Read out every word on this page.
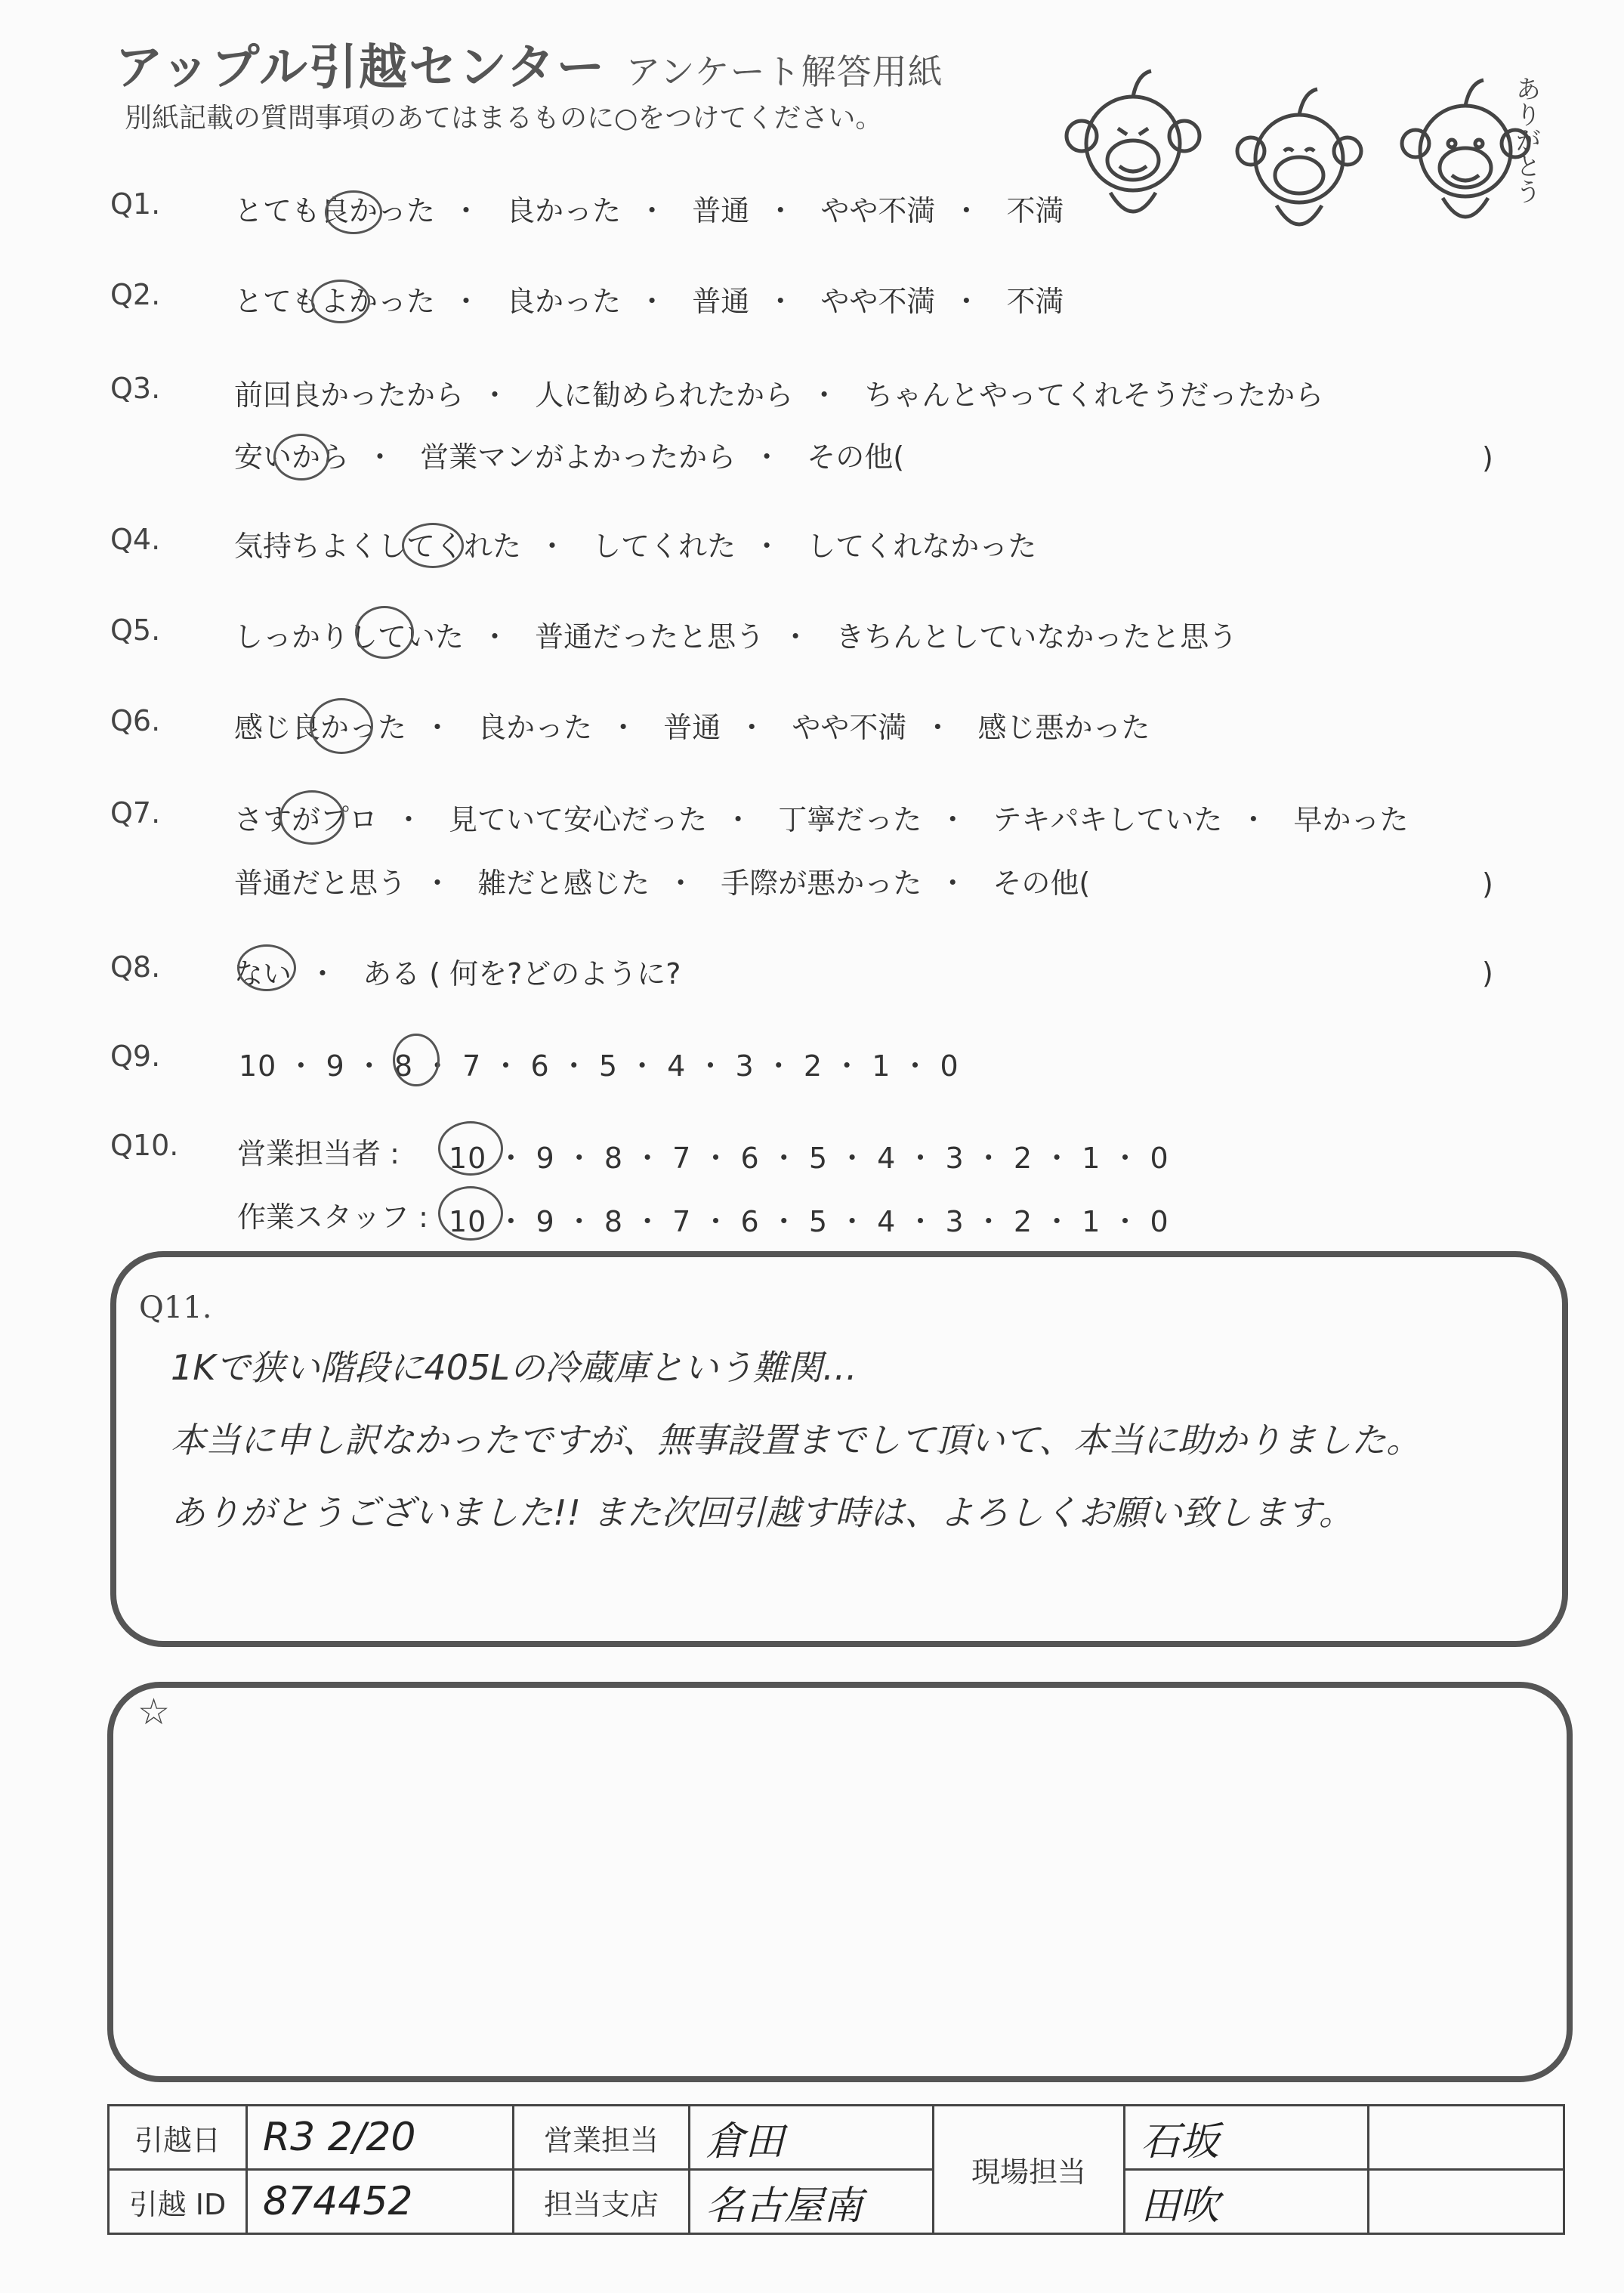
アップル引越センター アンケート解答用紙
別紙記載の質問事項のあてはまるものに○をつけてください。	ありがとう
Q1.	とても良かった ・ 良かった ・ 普通 ・ やや不満 ・ 不満
Q2.	とてもよかった ・ 良かった ・ 普通 ・ やや不満 ・ 不満
Q3.	前回良かったから ・ 人に勧められたから ・ ちゃんとやってくれそうだったから
安いから ・ 営業マンがよかったから ・ その他(	)
Q4.	気持ちよくしてくれた ・ してくれた ・ してくれなかった
Q5.	しっかりしていた ・ 普通だったと思う ・ きちんとしていなかったと思う
Q6.	感じ良かった ・ 良かった ・ 普通 ・ やや不満 ・ 感じ悪かった
Q7.	さすがプロ ・ 見ていて安心だった ・ 丁寧だった ・ テキパキしていた ・ 早かった
普通だと思う ・ 雑だと感じた ・ 手際が悪かった ・ その他(	)
Q8.	ない ・ ある ( 何を?どのように?	)
Q9.	10 ・ 9 ・ 8 ・ 7 ・ 6 ・ 5 ・ 4 ・ 3 ・ 2 ・ 1 ・ 0
Q10. 営業担当者 : 10 ・ 9 ・ 8 ・ 7 ・ 6 ・ 5 ・ 4 ・ 3 ・ 2 ・ 1 ・ 0
作業スタッフ : 10 ・ 9 ・ 8 ・ 7 ・ 6 ・ 5 ・ 4 ・ 3 ・ 2 ・ 1 ・ 0
Q11.
1Kで狭い階段に405Lの冷蔵庫という難関…
本当に申し訳なかったですが、無事設置までして頂いて、本当に助かりました。
ありがとうございました!! また次回引越す時は、よろしくお願い致します。
☆
引越日	R3 2/20	営業担当	倉田	現場担当	石坂	
引越 ID	874452	担当支店	名古屋南		田吹	
